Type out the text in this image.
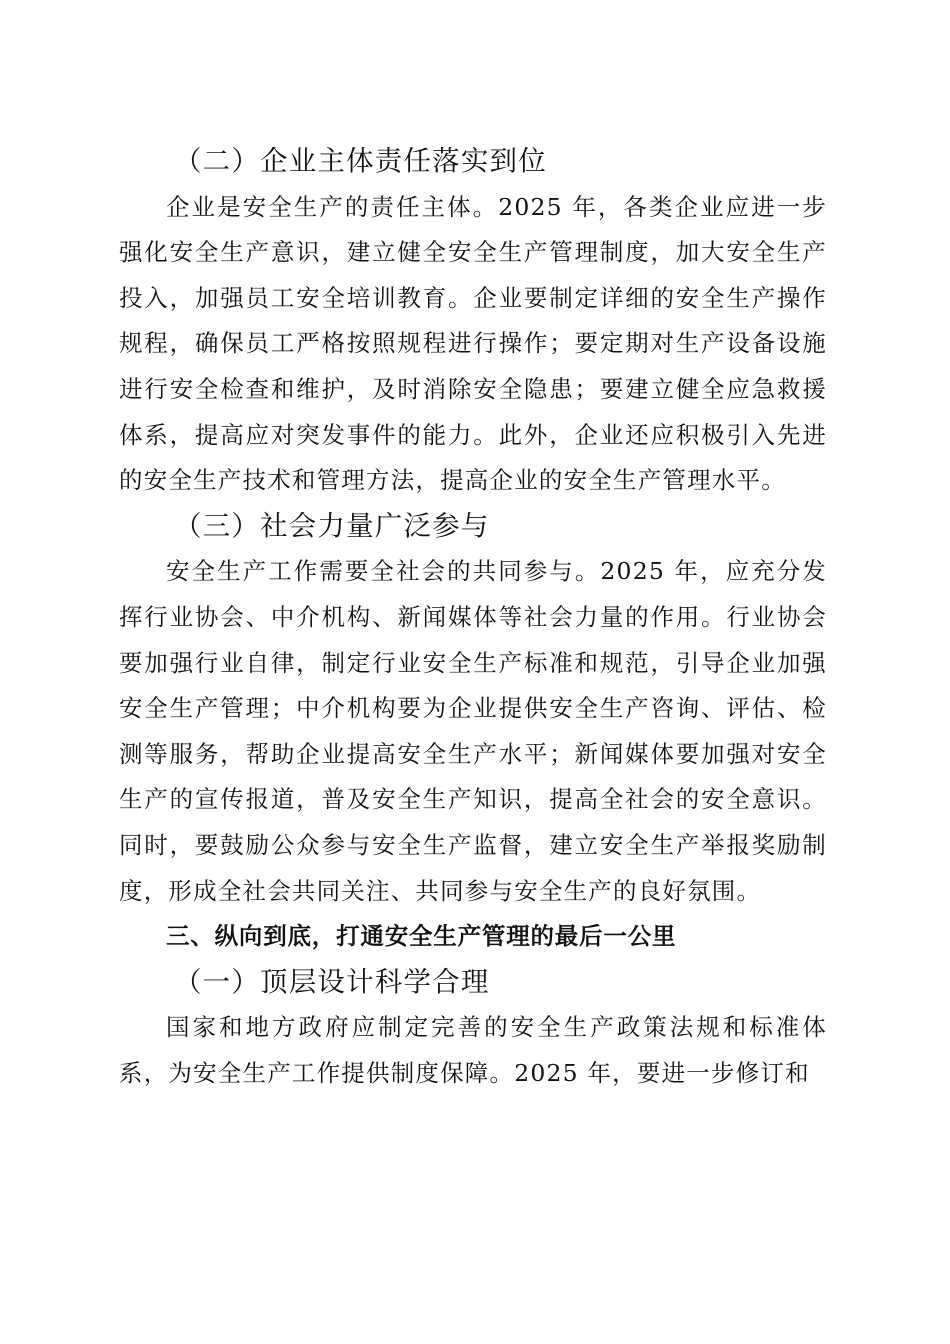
（二）企业主体责任落实到位

企业是安全生产的责任主体。2025 年，各类企业应进一步强化安全生产意识，建立健全安全生产管理制度，加大安全生产投入，加强员工安全培训教育。企业要制定详细的安全生产操作规程，确保员工严格按照规程进行操作；要定期对生产设备设施进行安全检查和维护，及时消除安全隐患；要建立健全应急救援体系，提高应对突发事件的能力。此外，企业还应积极引入先进的安全生产技术和管理方法，提高企业的安全生产管理水平。

（三）社会力量广泛参与

安全生产工作需要全社会的共同参与。2025 年，应充分发挥行业协会、中介机构、新闻媒体等社会力量的作用。行业协会要加强行业自律，制定行业安全生产标准和规范，引导企业加强安全生产管理；中介机构要为企业提供安全生产咨询、评估、检测等服务，帮助企业提高安全生产水平；新闻媒体要加强对安全生产的宣传报道，普及安全生产知识，提高全社会的安全意识。同时，要鼓励公众参与安全生产监督，建立安全生产举报奖励制度，形成全社会共同关注、共同参与安全生产的良好氛围。

三、纵向到底，打通安全生产管理的最后一公里
（一）顶层设计科学合理

国家和地方政府应制定完善的安全生产政策法规和标准体系，为安全生产工作提供制度保障。2025 年，要进一步修订和
